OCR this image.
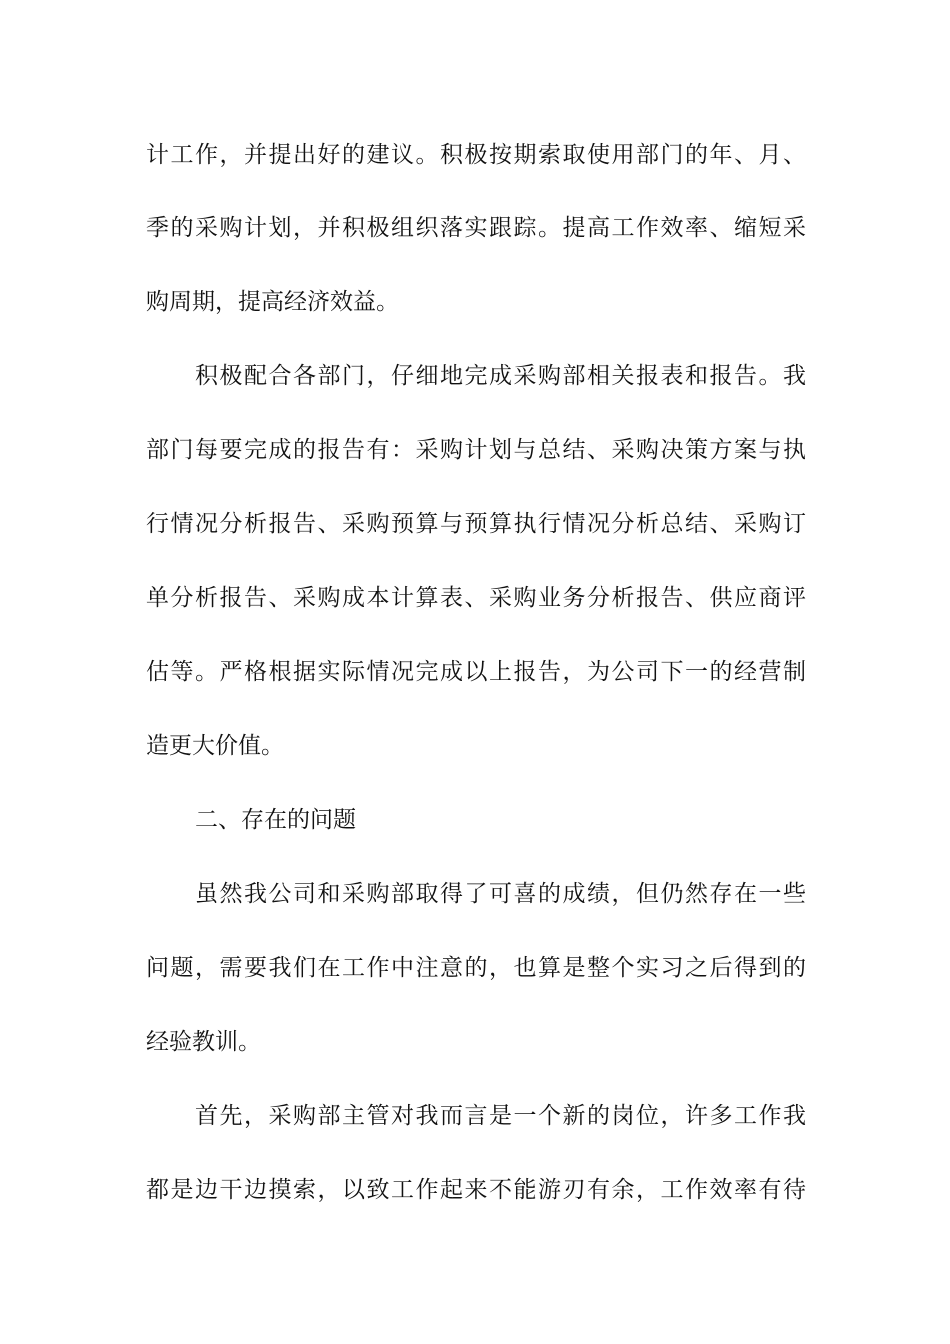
计工作，并提出好的建议。积极按期索取使用部门的年、月、
季的采购计划，并积极组织落实跟踪。提高工作效率、缩短采
购周期，提高经济效益。
积极配合各部门，仔细地完成采购部相关报表和报告。我
部门每要完成的报告有：采购计划与总结、采购决策方案与执
行情况分析报告、采购预算与预算执行情况分析总结、采购订
单分析报告、采购成本计算表、采购业务分析报告、供应商评
估等。严格根据实际情况完成以上报告，为公司下一的经营制
造更大价值。
二、存在的问题
虽然我公司和采购部取得了可喜的成绩，但仍然存在一些
问题，需要我们在工作中注意的，也算是整个实习之后得到的
经验教训。
首先，采购部主管对我而言是一个新的岗位，许多工作我
都是边干边摸索，以致工作起来不能游刃有余，工作效率有待
